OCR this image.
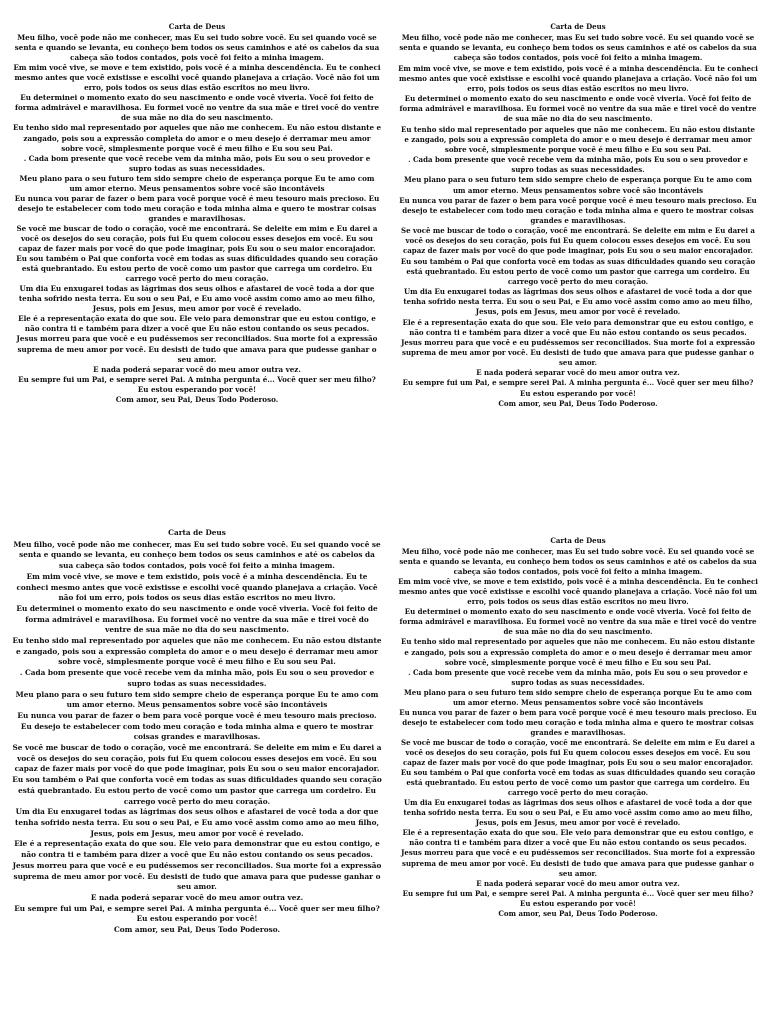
Carta de Deus
Meu filho, você pode não me conhecer, mas Eu sei tudo sobre você. Eu sei quando você se senta e quando se levanta, eu conheço bem todos os seus caminhos e até os cabelos da sua cabeça são todos contados, pois você foi feito a minha imagem.
Em mim você vive, se move e tem existido, pois você é a minha descendência. Eu te conheci mesmo antes que você existisse e escolhi você quando planejava a criação. Você não foi um erro, pois todos os seus dias estão escritos no meu livro.
Eu determinei o momento exato do seu nascimento e onde você viveria. Você foi feito de forma admirável e maravilhosa. Eu formei você no ventre da sua mãe e tirei você do ventre de sua mãe no dia do seu nascimento.
Eu tenho sido mal representado por aqueles que não me conhecem. Eu não estou distante e zangado, pois sou a expressão completa do amor e o meu desejo é derramar meu amor sobre você, simplesmente porque você é meu filho e Eu sou seu Pai.
. Cada bom presente que você recebe vem da minha mão, pois Eu sou o seu provedor e supro todas as suas necessidades.
Meu plano para o seu futuro tem sido sempre cheio de esperança porque Eu te amo com um amor eterno. Meus pensamentos sobre você são incontáveis
Eu nunca vou parar de fazer o bem para você porque você é meu tesouro mais precioso. Eu desejo te estabelecer com todo meu coração e toda minha alma e quero te mostrar coisas grandes e maravilhosas.
Se você me buscar de todo o coração, você me encontrará. Se deleite em mim e Eu darei a você os desejos do seu coração, pois fui Eu quem colocou esses desejos em você. Eu sou capaz de fazer mais por você do que pode imaginar, pois Eu sou o seu maior encorajador.
Eu sou também o Pai que conforta você em todas as suas dificuldades quando seu coração está quebrantado. Eu estou perto de você como um pastor que carrega um cordeiro. Eu carrego você perto do meu coração.
Um dia Eu enxugarei todas as lágrimas dos seus olhos e afastarei de você toda a dor que tenha sofrido nesta terra. Eu sou o seu Pai, e Eu amo você assim como amo ao meu filho, Jesus, pois em Jesus, meu amor por você é revelado.
Ele é a representação exata do que sou. Ele veio para demonstrar que eu estou contigo, e não contra ti e também para dizer a você que Eu não estou contando os seus pecados.
Jesus morreu para que você e eu pudéssemos ser reconciliados. Sua morte foi a expressão suprema de meu amor por você. Eu desisti de tudo que amava para que pudesse ganhar o seu amor.
E nada poderá separar você do meu amor outra vez.
Eu sempre fui um Pai, e sempre serei Pai. A minha pergunta é... Você quer ser meu filho? Eu estou esperando por você!
Com amor, seu Pai, Deus Todo Poderoso.
Carta de Deus
Meu filho, você pode não me conhecer, mas Eu sei tudo sobre você. Eu sei quando você se senta e quando se levanta, eu conheço bem todos os seus caminhos e até os cabelos da sua cabeça são todos contados, pois você foi feito a minha imagem.
Em mim você vive, se move e tem existido, pois você é a minha descendência. Eu te conheci mesmo antes que você existisse e escolhi você quando planejava a criação. Você não foi um erro, pois todos os seus dias estão escritos no meu livro.
Eu determinei o momento exato do seu nascimento e onde você viveria. Você foi feito de forma admirável e maravilhosa. Eu formei você no ventre da sua mãe e tirei você do ventre de sua mãe no dia do seu nascimento.
Eu tenho sido mal representado por aqueles que não me conhecem. Eu não estou distante e zangado, pois sou a expressão completa do amor e o meu desejo é derramar meu amor sobre você, simplesmente porque você é meu filho e Eu sou seu Pai.
. Cada bom presente que você recebe vem da minha mão, pois Eu sou o seu provedor e supro todas as suas necessidades.
Meu plano para o seu futuro tem sido sempre cheio de esperança porque Eu te amo com um amor eterno. Meus pensamentos sobre você são incontáveis
Eu nunca vou parar de fazer o bem para você porque você é meu tesouro mais precioso. Eu desejo te estabelecer com todo meu coração e toda minha alma e quero te mostrar coisas grandes e maravilhosas.
Se você me buscar de todo o coração, você me encontrará. Se deleite em mim e Eu darei a você os desejos do seu coração, pois fui Eu quem colocou esses desejos em você. Eu sou capaz de fazer mais por você do que pode imaginar, pois Eu sou o seu maior encorajador.
Eu sou também o Pai que conforta você em todas as suas dificuldades quando seu coração está quebrantado. Eu estou perto de você como um pastor que carrega um cordeiro. Eu carrego você perto do meu coração.
Um dia Eu enxugarei todas as lágrimas dos seus olhos e afastarei de você toda a dor que tenha sofrido nesta terra. Eu sou o seu Pai, e Eu amo você assim como amo ao meu filho, Jesus, pois em Jesus, meu amor por você é revelado.
Ele é a representação exata do que sou. Ele veio para demonstrar que eu estou contigo, e não contra ti e também para dizer a você que Eu não estou contando os seus pecados.
Jesus morreu para que você e eu pudéssemos ser reconciliados. Sua morte foi a expressão suprema de meu amor por você. Eu desisti de tudo que amava para que pudesse ganhar o seu amor.
E nada poderá separar você do meu amor outra vez.
Eu sempre fui um Pai, e sempre serei Pai. A minha pergunta é... Você quer ser meu filho? Eu estou esperando por você!
Com amor, seu Pai, Deus Todo Poderoso.
Carta de Deus
Meu filho, você pode não me conhecer, mas Eu sei tudo sobre você. Eu sei quando você se senta e quando se levanta, eu conheço bem todos os seus caminhos e até os cabelos da sua cabeça são todos contados, pois você foi feito a minha imagem.
Em mim você vive, se move e tem existido, pois você é a minha descendência. Eu te conheci mesmo antes que você existisse e escolhi você quando planejava a criação. Você não foi um erro, pois todos os seus dias estão escritos no meu livro.
Eu determinei o momento exato do seu nascimento e onde você viveria. Você foi feito de forma admirável e maravilhosa. Eu formei você no ventre da sua mãe e tirei você do ventre de sua mãe no dia do seu nascimento.
Eu tenho sido mal representado por aqueles que não me conhecem. Eu não estou distante e zangado, pois sou a expressão completa do amor e o meu desejo é derramar meu amor sobre você, simplesmente porque você é meu filho e Eu sou seu Pai.
. Cada bom presente que você recebe vem da minha mão, pois Eu sou o seu provedor e supro todas as suas necessidades.
Meu plano para o seu futuro tem sido sempre cheio de esperança porque Eu te amo com um amor eterno. Meus pensamentos sobre você são incontáveis
Eu nunca vou parar de fazer o bem para você porque você é meu tesouro mais precioso. Eu desejo te estabelecer com todo meu coração e toda minha alma e quero te mostrar coisas grandes e maravilhosas.
Se você me buscar de todo o coração, você me encontrará. Se deleite em mim e Eu darei a você os desejos do seu coração, pois fui Eu quem colocou esses desejos em você. Eu sou capaz de fazer mais por você do que pode imaginar, pois Eu sou o seu maior encorajador.
Eu sou também o Pai que conforta você em todas as suas dificuldades quando seu coração está quebrantado. Eu estou perto de você como um pastor que carrega um cordeiro. Eu carrego você perto do meu coração.
Um dia Eu enxugarei todas as lágrimas dos seus olhos e afastarei de você toda a dor que tenha sofrido nesta terra. Eu sou o seu Pai, e Eu amo você assim como amo ao meu filho, Jesus, pois em Jesus, meu amor por você é revelado.
Ele é a representação exata do que sou. Ele veio para demonstrar que eu estou contigo, e não contra ti e também para dizer a você que Eu não estou contando os seus pecados.
Jesus morreu para que você e eu pudéssemos ser reconciliados. Sua morte foi a expressão suprema de meu amor por você. Eu desisti de tudo que amava para que pudesse ganhar o seu amor.
E nada poderá separar você do meu amor outra vez.
Eu sempre fui um Pai, e sempre serei Pai. A minha pergunta é... Você quer ser meu filho? Eu estou esperando por você!
Com amor, seu Pai, Deus Todo Poderoso.
Carta de Deus
Meu filho, você pode não me conhecer, mas Eu sei tudo sobre você. Eu sei quando você se senta e quando se levanta, eu conheço bem todos os seus caminhos e até os cabelos da sua cabeça são todos contados, pois você foi feito a minha imagem.
Em mim você vive, se move e tem existido, pois você é a minha descendência. Eu te conheci mesmo antes que você existisse e escolhi você quando planejava a criação. Você não foi um erro, pois todos os seus dias estão escritos no meu livro.
Eu determinei o momento exato do seu nascimento e onde você viveria. Você foi feito de forma admirável e maravilhosa. Eu formei você no ventre da sua mãe e tirei você do ventre de sua mãe no dia do seu nascimento.
Eu tenho sido mal representado por aqueles que não me conhecem. Eu não estou distante e zangado, pois sou a expressão completa do amor e o meu desejo é derramar meu amor sobre você, simplesmente porque você é meu filho e Eu sou seu Pai.
. Cada bom presente que você recebe vem da minha mão, pois Eu sou o seu provedor e supro todas as suas necessidades.
Meu plano para o seu futuro tem sido sempre cheio de esperança porque Eu te amo com um amor eterno. Meus pensamentos sobre você são incontáveis
Eu nunca vou parar de fazer o bem para você porque você é meu tesouro mais precioso. Eu desejo te estabelecer com todo meu coração e toda minha alma e quero te mostrar coisas grandes e maravilhosas.
Se você me buscar de todo o coração, você me encontrará. Se deleite em mim e Eu darei a você os desejos do seu coração, pois fui Eu quem colocou esses desejos em você. Eu sou capaz de fazer mais por você do que pode imaginar, pois Eu sou o seu maior encorajador.
Eu sou também o Pai que conforta você em todas as suas dificuldades quando seu coração está quebrantado. Eu estou perto de você como um pastor que carrega um cordeiro. Eu carrego você perto do meu coração.
Um dia Eu enxugarei todas as lágrimas dos seus olhos e afastarei de você toda a dor que tenha sofrido nesta terra. Eu sou o seu Pai, e Eu amo você assim como amo ao meu filho, Jesus, pois em Jesus, meu amor por você é revelado.
Ele é a representação exata do que sou. Ele veio para demonstrar que eu estou contigo, e não contra ti e também para dizer a você que Eu não estou contando os seus pecados.
Jesus morreu para que você e eu pudéssemos ser reconciliados. Sua morte foi a expressão suprema de meu amor por você. Eu desisti de tudo que amava para que pudesse ganhar o seu amor.
E nada poderá separar você do meu amor outra vez.
Eu sempre fui um Pai, e sempre serei Pai. A minha pergunta é... Você quer ser meu filho? Eu estou esperando por você!
Com amor, seu Pai, Deus Todo Poderoso.
